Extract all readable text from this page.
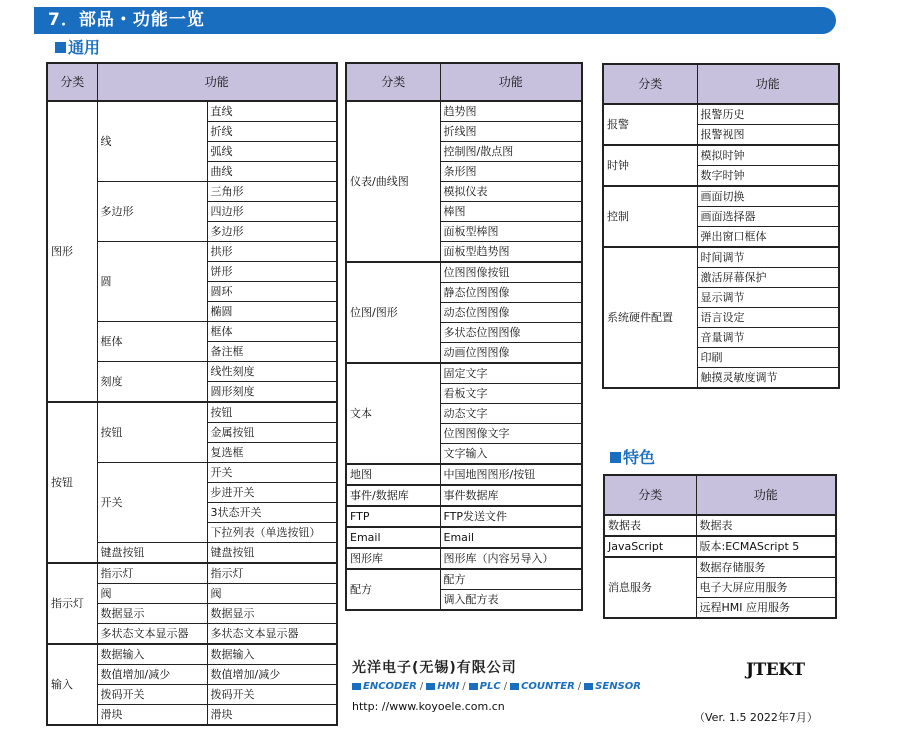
7．部品・功能一览
通用
分类	功能	
图形	线	直线
		折线
		弧线
		曲线
	多边形	三角形
		四边形
		多边形
	圆	拱形
		饼形
		圆环
		椭圆
	框体	框体
		备注框
	刻度	线性刻度
		圆形刻度
按钮	按钮	按钮
		金属按钮
		复选框
	开关	开关
		步进开关
		3状态开关
		下拉列表（单选按钮）
	键盘按钮	键盘按钮
指示灯	指示灯	指示灯
	阀	阀
	数据显示	数据显示
	多状态文本显示器	多状态文本显示器
输入	数据输入	数据输入
	数值增加/减少	数值增加/减少
	拨码开关	拨码开关
	滑块	滑块
分类	功能
仪表/曲线图	趋势图
	折线图
	控制图/散点图
	条形图
	模拟仪表
	棒图
	面板型棒图
	面板型趋势图
位图/图形	位图图像按钮
	静态位图图像
	动态位图图像
	多状态位图图像
	动画位图图像
文本	固定文字
	看板文字
	动态文字
	位图图像文字
	文字输入
地图	中国地图图形/按钮
事件/数据库	事件数据库
FTP	FTP发送文件
Email	Email
图形库	图形库（内容另导入）
配方	配方
	调入配方表
分类	功能
报警	报警历史
	报警视图
时钟	模拟时钟
	数字时钟
控制	画面切换
	画面选择器
	弹出窗口框体
系统硬件配置	时间调节
	激活屏幕保护
	显示调节
	语言设定
	音量调节
	印刷
	触摸灵敏度调节
特色
分类	功能
数据表	数据表
JavaScript	版本:ECMAScript 5
消息服务	数据存储服务
	电子大屏应用服务
	远程HMI 应用服务
光洋电子(无锡)有限公司
ENCODER / HMI / PLC / COUNTER / SENSOR
http: //www.koyoele.com.cn
JTEKT
（Ver. 1.5 2022年7月）
